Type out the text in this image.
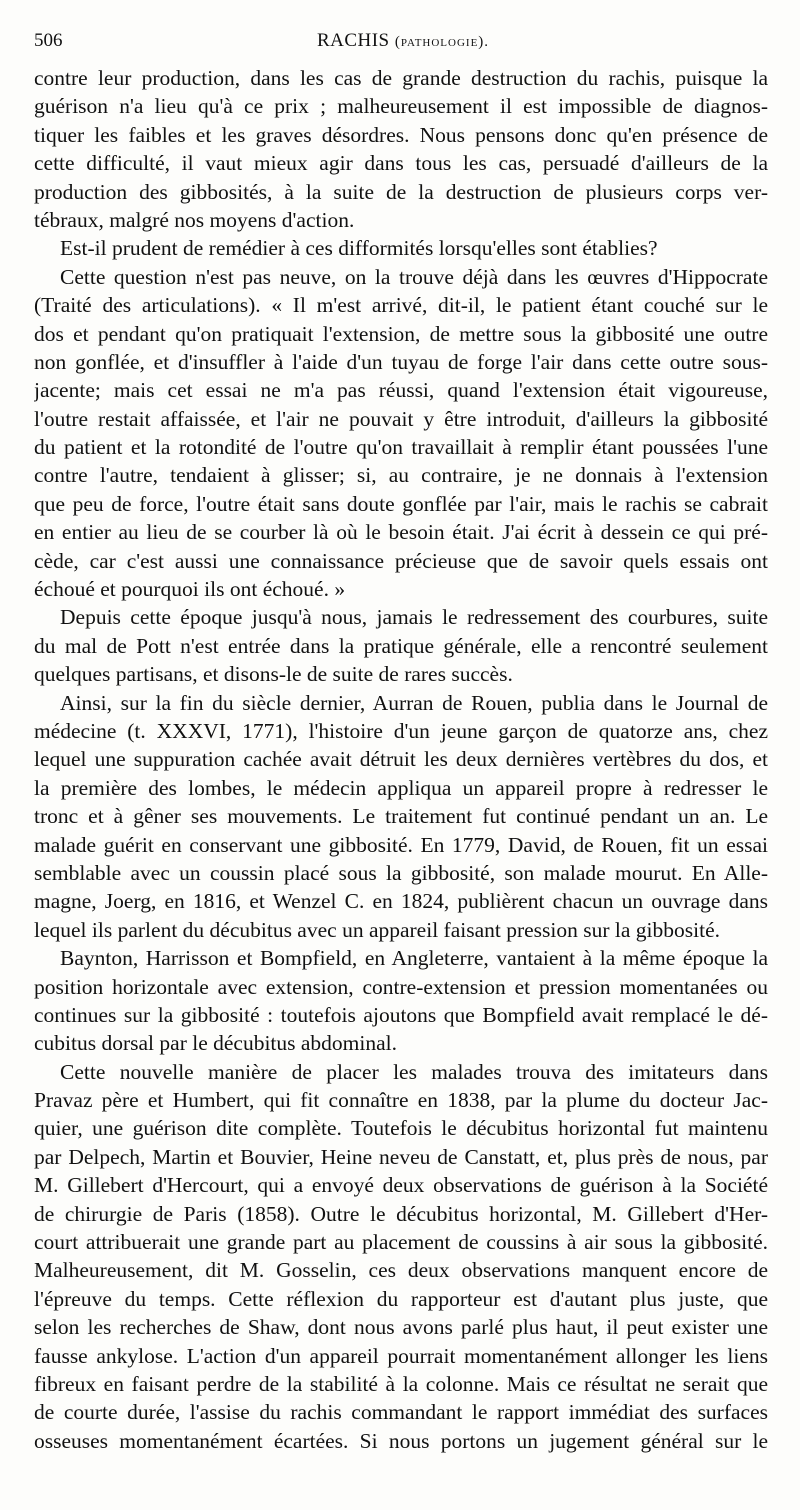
506	RACHIS (pathologie).
contre leur production, dans les cas de grande destruction du rachis, puisque la
guérison n'a lieu qu'à ce prix ; malheureusement il est impossible de diagnos-
tiquer les faibles et les graves désordres. Nous pensons donc qu'en présence de
cette difficulté, il vaut mieux agir dans tous les cas, persuadé d'ailleurs de la
production des gibbosités, à la suite de la destruction de plusieurs corps ver-
tébraux, malgré nos moyens d'action.
Est-il prudent de remédier à ces difformités lorsqu'elles sont établies?
Cette question n'est pas neuve, on la trouve déjà dans les œuvres d'Hippocrate
(Traité des articulations). « Il m'est arrivé, dit-il, le patient étant couché sur le
dos et pendant qu'on pratiquait l'extension, de mettre sous la gibbosité une outre
non gonflée, et d'insuffler à l'aide d'un tuyau de forge l'air dans cette outre sous-
jacente; mais cet essai ne m'a pas réussi, quand l'extension était vigoureuse,
l'outre restait affaissée, et l'air ne pouvait y être introduit, d'ailleurs la gibbosité
du patient et la rotondité de l'outre qu'on travaillait à remplir étant poussées l'une
contre l'autre, tendaient à glisser; si, au contraire, je ne donnais à l'extension
que peu de force, l'outre était sans doute gonflée par l'air, mais le rachis se cabrait
en entier au lieu de se courber là où le besoin était. J'ai écrit à dessein ce qui pré-
cède, car c'est aussi une connaissance précieuse que de savoir quels essais ont
échoué et pourquoi ils ont échoué. »
Depuis cette époque jusqu'à nous, jamais le redressement des courbures, suite
du mal de Pott n'est entrée dans la pratique générale, elle a rencontré seulement
quelques partisans, et disons-le de suite de rares succès.
Ainsi, sur la fin du siècle dernier, Aurran de Rouen, publia dans le Journal de
médecine (t. XXXVI, 1771), l'histoire d'un jeune garçon de quatorze ans, chez
lequel une suppuration cachée avait détruit les deux dernières vertèbres du dos, et
la première des lombes, le médecin appliqua un appareil propre à redresser le
tronc et à gêner ses mouvements. Le traitement fut continué pendant un an. Le
malade guérit en conservant une gibbosité. En 1779, David, de Rouen, fit un essai
semblable avec un coussin placé sous la gibbosité, son malade mourut. En Alle-
magne, Joerg, en 1816, et Wenzel C. en 1824, publièrent chacun un ouvrage dans
lequel ils parlent du décubitus avec un appareil faisant pression sur la gibbosité.
Baynton, Harrisson et Bompfield, en Angleterre, vantaient à la même époque la
position horizontale avec extension, contre-extension et pression momentanées ou
continues sur la gibbosité : toutefois ajoutons que Bompfield avait remplacé le dé-
cubitus dorsal par le décubitus abdominal.
Cette nouvelle manière de placer les malades trouva des imitateurs dans
Pravaz père et Humbert, qui fit connaître en 1838, par la plume du docteur Jac-
quier, une guérison dite complète. Toutefois le décubitus horizontal fut maintenu
par Delpech, Martin et Bouvier, Heine neveu de Canstatt, et, plus près de nous, par
M. Gillebert d'Hercourt, qui a envoyé deux observations de guérison à la Société
de chirurgie de Paris (1858). Outre le décubitus horizontal, M. Gillebert d'Her-
court attribuerait une grande part au placement de coussins à air sous la gibbosité.
Malheureusement, dit M. Gosselin, ces deux observations manquent encore de
l'épreuve du temps. Cette réflexion du rapporteur est d'autant plus juste, que
selon les recherches de Shaw, dont nous avons parlé plus haut, il peut exister une
fausse ankylose. L'action d'un appareil pourrait momentanément allonger les liens
fibreux en faisant perdre de la stabilité à la colonne. Mais ce résultat ne serait que
de courte durée, l'assise du rachis commandant le rapport immédiat des surfaces
osseuses momentanément écartées. Si nous portons un jugement général sur le
